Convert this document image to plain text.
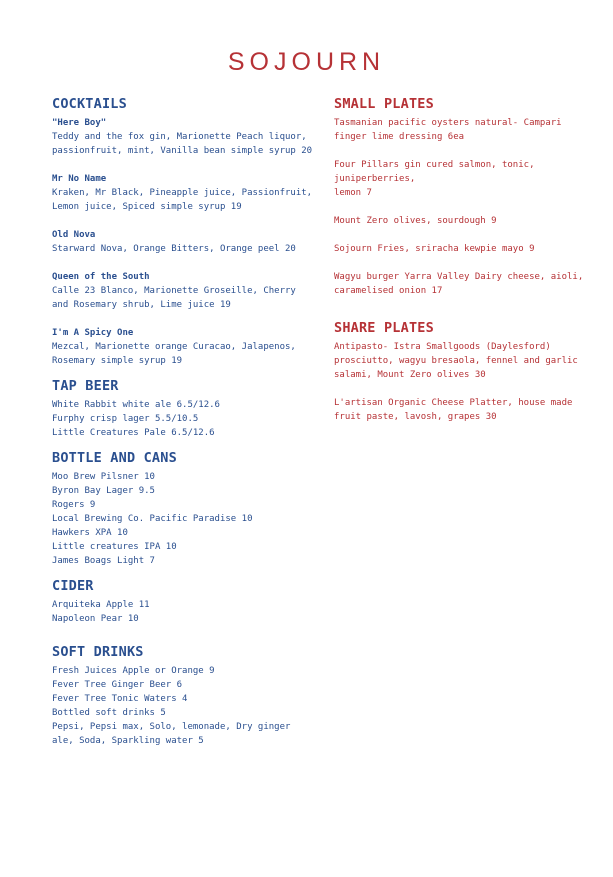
SOJOURN
COCKTAILS
"Here Boy"
Teddy and the fox gin, Marionette Peach liquor, passionfruit, mint, Vanilla bean simple syrup 20
Mr No Name
Kraken, Mr Black, Pineapple juice, Passionfruit, Lemon juice, Spiced simple syrup 19
Old Nova
Starward Nova, Orange Bitters, Orange peel 20
Queen of the South
Calle 23 Blanco, Marionette Groseille, Cherry and Rosemary shrub, Lime juice 19
I'm A Spicy One
Mezcal, Marionette orange Curacao, Jalapenos, Rosemary simple syrup 19
TAP BEER
White Rabbit white ale 6.5/12.6
Furphy crisp lager 5.5/10.5
Little Creatures Pale 6.5/12.6
BOTTLE AND CANS
Moo Brew Pilsner 10
Byron Bay Lager 9.5
Rogers 9
Local Brewing Co. Pacific Paradise 10
Hawkers XPA 10
Little creatures IPA 10
James Boags Light 7
CIDER
Arquiteka Apple 11
Napoleon Pear 10
SOFT DRINKS
Fresh Juices Apple or Orange 9
Fever Tree Ginger Beer 6
Fever Tree Tonic Waters 4
Bottled soft drinks 5
Pepsi, Pepsi max, Solo, lemonade, Dry ginger ale, Soda, Sparkling water 5
SMALL PLATES
Tasmanian pacific oysters natural- Campari finger lime dressing 6ea
Four Pillars gin cured salmon, tonic, juniperberries,
lemon 7
Mount Zero olives, sourdough 9
Sojourn Fries, sriracha kewpie mayo 9
Wagyu burger Yarra Valley Dairy cheese, aioli, caramelised onion 17
SHARE PLATES
Antipasto- Istra Smallgoods (Daylesford) prosciutto, wagyu bresaola, fennel and garlic salami, Mount Zero olives 30
L'artisan Organic Cheese Platter, house made fruit paste, lavosh, grapes 30
